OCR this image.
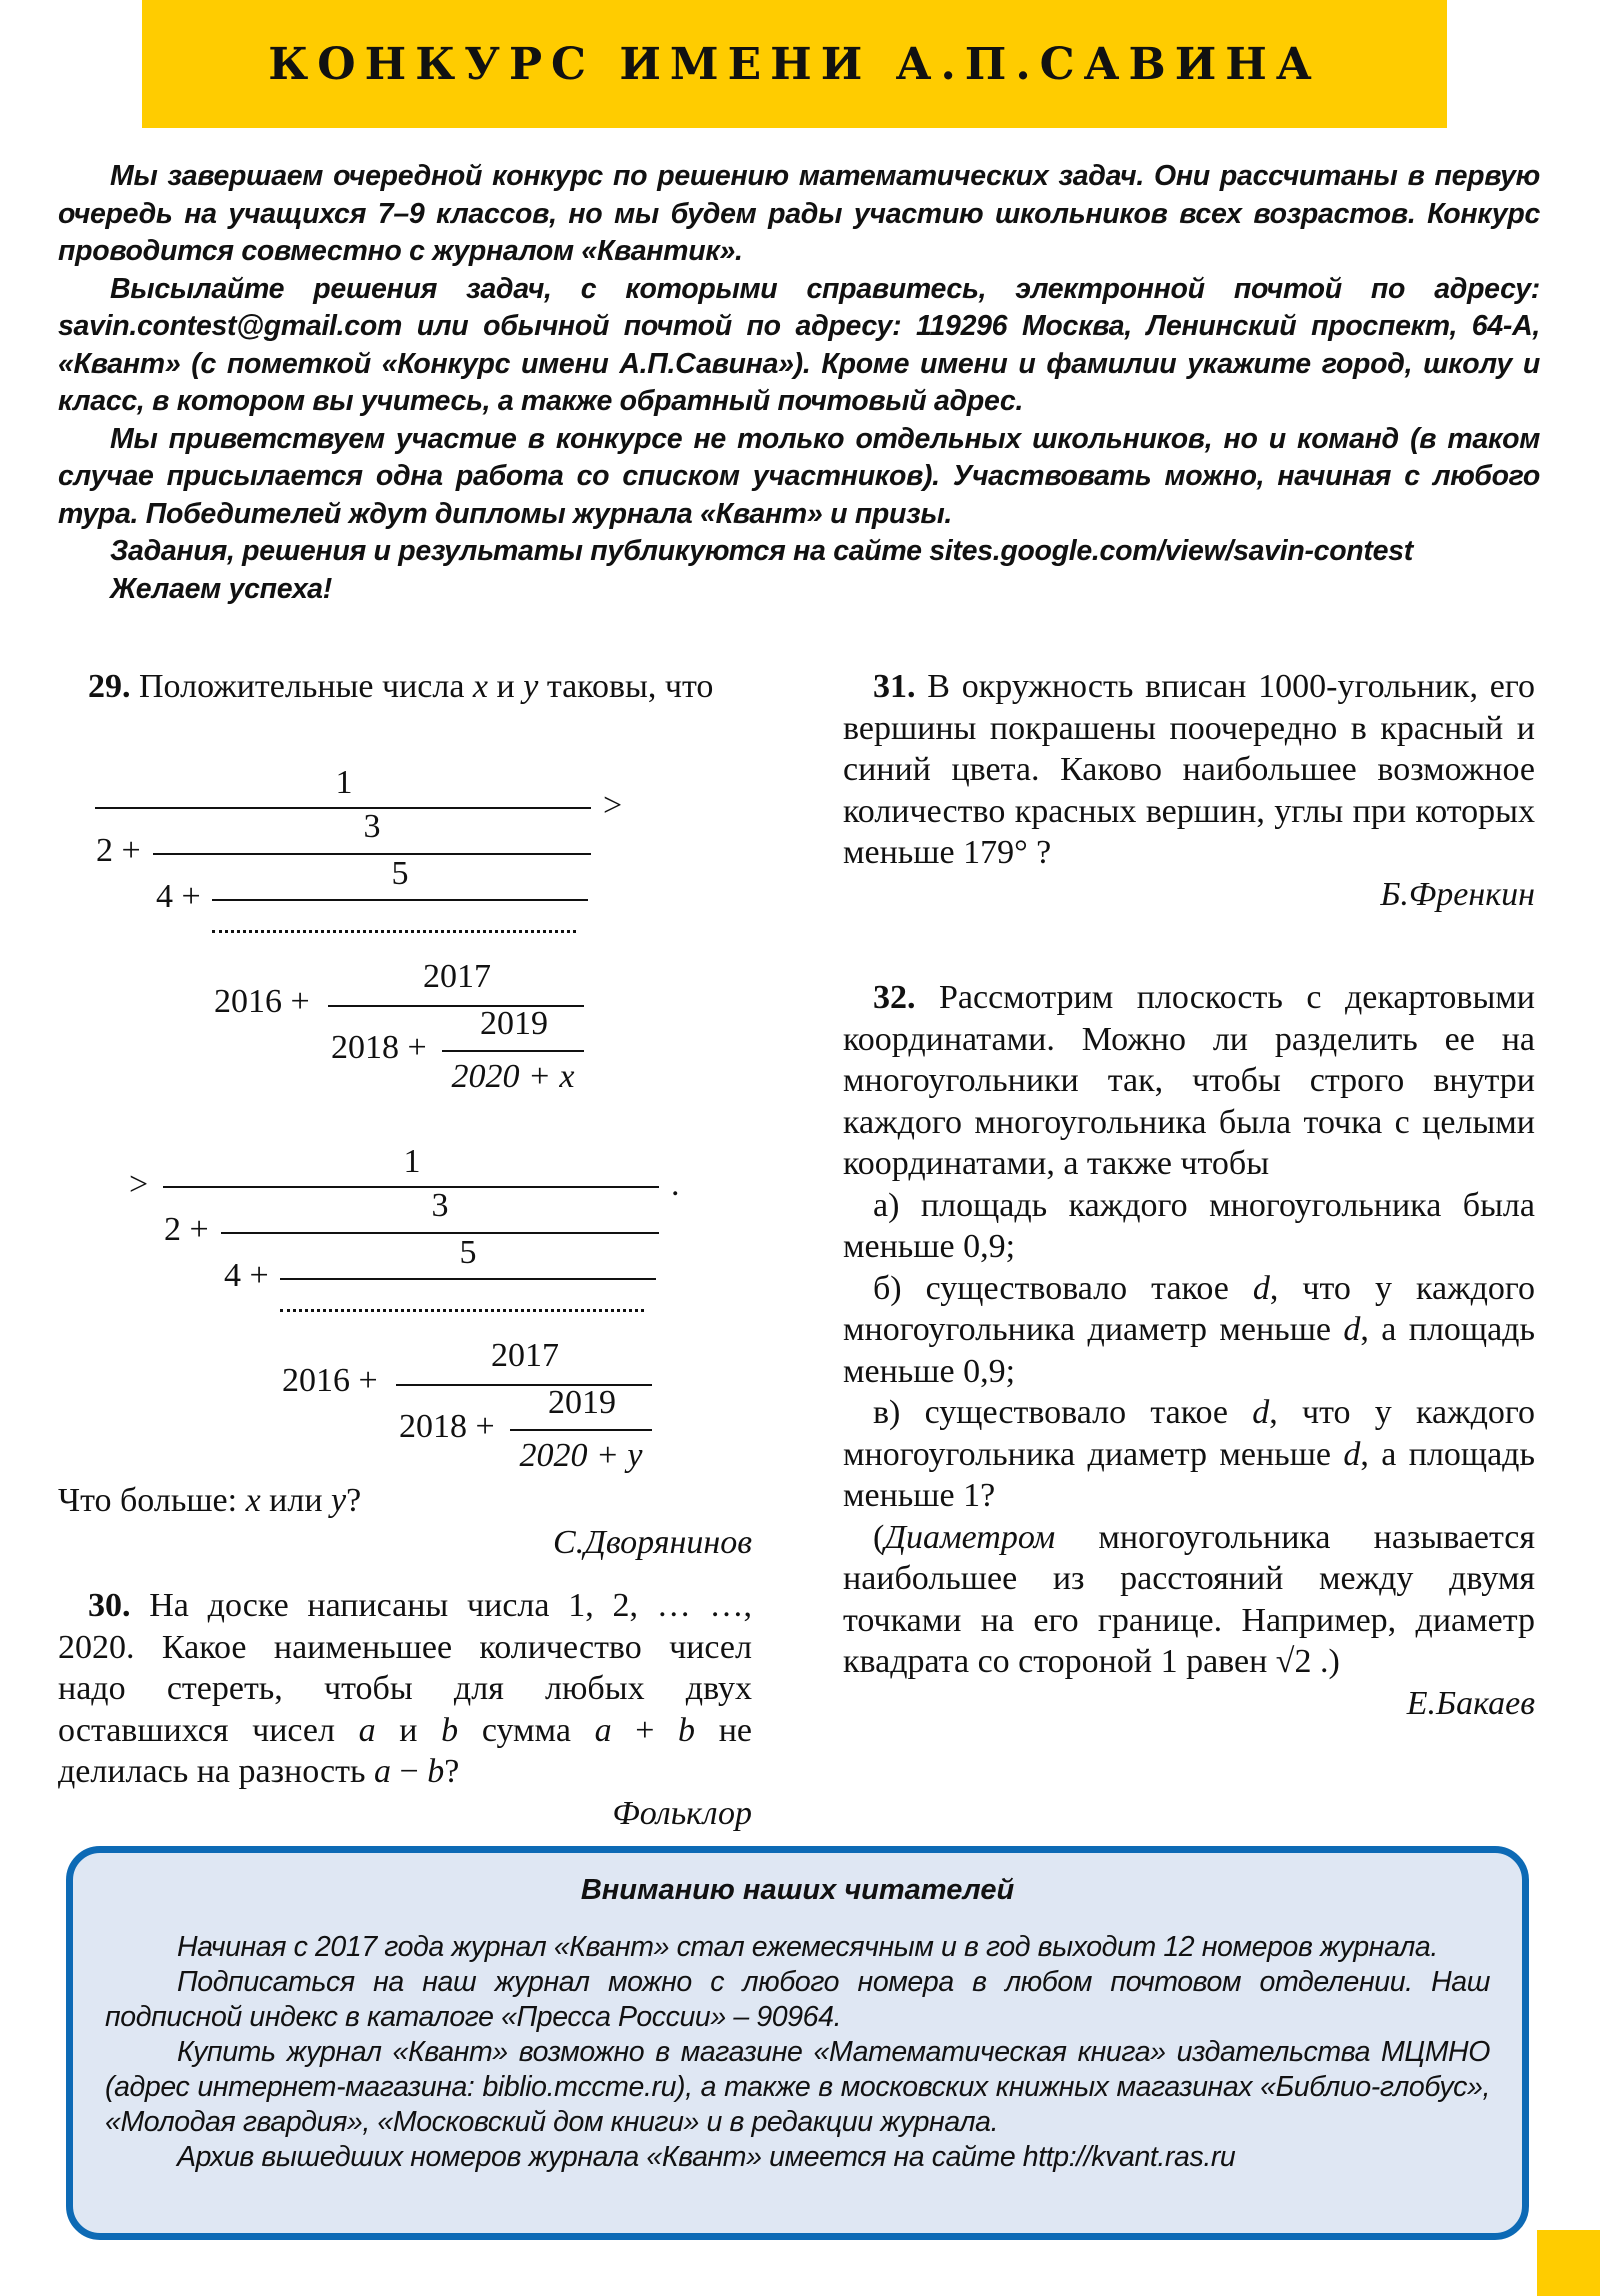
КОНКУРС ИМЕНИ А.П.САВИНА

Мы завершаем очередной конкурс по решению математических задач. Они рассчитаны в первую очередь на учащихся 7–9 классов, но мы будем рады участию школьников всех возрастов. Конкурс проводится совместно с журналом «Квантик».

Высылайте решения задач, с которыми справитесь, электронной почтой по адресу: savin.contest@gmail.com или обычной почтой по адресу: 119296 Москва, Ленинский проспект, 64-А, «Квант» (с пометкой «Конкурс имени А.П.Савина»). Кроме имени и фамилии укажите город, школу и класс, в котором вы учитесь, а также обратный почтовый адрес.

Мы приветствуем участие в конкурсе не только отдельных школьников, но и команд (в таком случае присылается одна работа со списком участников). Участвовать можно, начиная с любого тура. Победителей ждут дипломы журнала «Квант» и призы.

Задания, решения и результаты публикуются на сайте sites.google.com/view/savin-contest

Желаем успеха!

29. Положительные числа x и y таковы, что

1
>
2 +
3
4 +
5
2016 +
2017
2018 +
2019
2020 + x
>
1
.
2 +
3
4 +
5
2016 +
2017
2018 +
2019
2020 + y
Что больше: x или y?

С.Дворянинов

30. На доске написаны числа 1, 2, … …, 2020. Какое наименьшее количество чисел надо стереть, чтобы для любых двух оставшихся чисел a и b сумма a + b не делилась на разность a − b?

Фольклор

31. В окружность вписан 1000-угольник, его вершины покрашены поочередно в красный и синий цвета. Каково наибольшее возможное количество красных вершин, углы при которых меньше 179° ?

Б.Френкин

32. Рассмотрим плоскость с декартовыми координатами. Можно ли разделить ее на многоугольники так, чтобы строго внутри каждого многоугольника была точка с целыми координатами, а также чтобы

а) площадь каждого многоугольника была меньше 0,9;

б) существовало такое d, что у каждого многоугольника диаметр меньше d, а площадь меньше 0,9;

в) существовало такое d, что у каждого многоугольника диаметр меньше d, а площадь меньше 1?

(Диаметром многоугольника называется наибольшее из расстояний между двумя точками на его границе. Например, диаметр квадрата со стороной 1 равен √2 .)

Е.Бакаев

Вниманию наших читателей

Начиная с 2017 года журнал «Квант» стал ежемесячным и в год выходит 12 номеров журнала.

Подписаться на наш журнал можно с любого номера в любом почтовом отделении. Наш подписной индекс в каталоге «Пресса России» – 90964.

Купить журнал «Квант» возможно в магазине «Математическая книга» издательства МЦМНО (адрес интернет-магазина: biblio.mccme.ru), а также в московских книжных магазинах «Библио-глобус», «Молодая гвардия», «Московский дом книги» и в редакции журнала.

Архив вышедших номеров журнала «Квант» имеется на сайте http://kvant.ras.ru
